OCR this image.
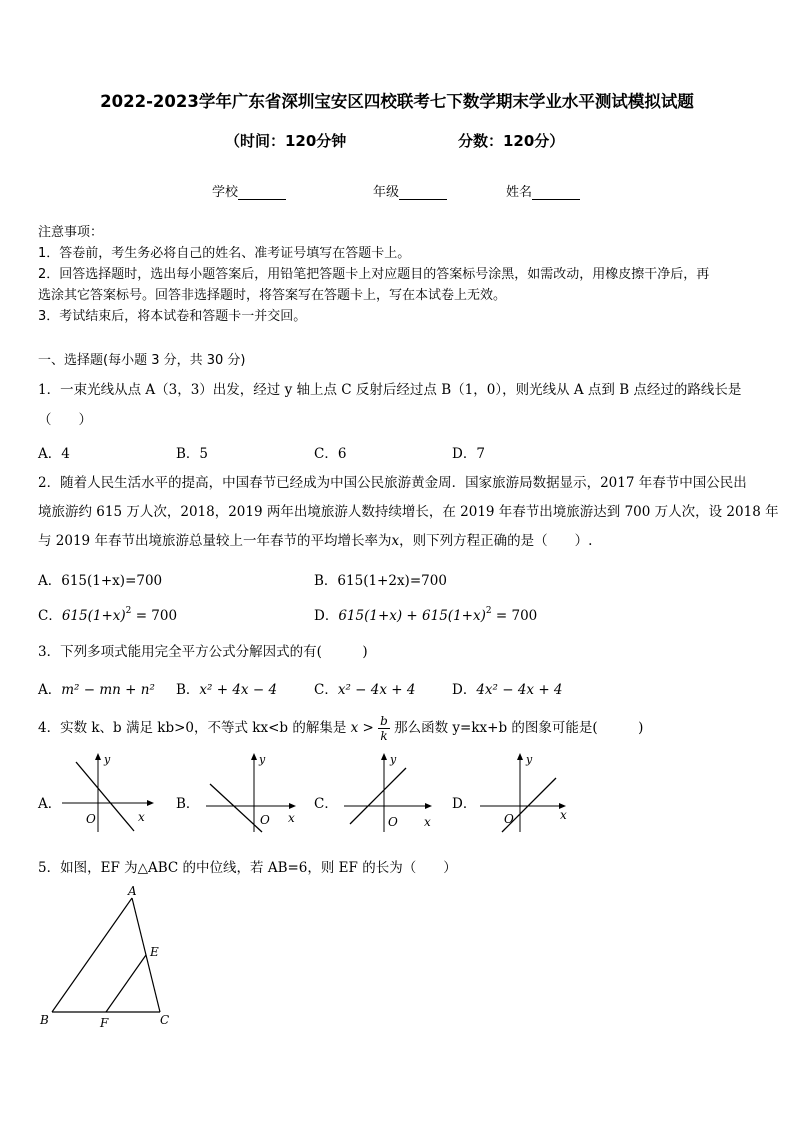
2022-2023学年广东省深圳宝安区四校联考七下数学期末学业水平测试模拟试题
（时间：120分钟	分数：120分）
学校	年级	姓名
注意事项：
1．答卷前，考生务必将自己的姓名、准考证号填写在答题卡上。
2．回答选择题时，选出每小题答案后，用铅笔把答题卡上对应题目的答案标号涂黑，如需改动，用橡皮擦干净后，再
选涂其它答案标号。回答非选择题时，将答案写在答题卡上，写在本试卷上无效。
3．考试结束后，将本试卷和答题卡一并交回。
一、选择题(每小题 3 分，共 30 分)
1．一束光线从点 A（3，3）出发，经过 y 轴上点 C 反射后经过点 B（1，0），则光线从 A 点到 B 点经过的路线长是
（　　）
A．4	B．5	C．6	D．7
2．随着人民生活水平的提高，中国春节已经成为中国公民旅游黄金周．国家旅游局数据显示，2017 年春节中国公民出
境旅游约 615 万人次，2018，2019 两年出境旅游人数持续增长，在 2019 年春节出境旅游达到 700 万人次，设 2018 年
与 2019 年春节出境旅游总量较上一年春节的平均增长率为x，则下列方程正确的是（　　）.
A．615(1+x)=700	B．615(1+2x)=700
C．$615(1+x)^2 = 700$	D．$615(1+x) + 615(1+x)^2 = 700$
3．下列多项式能用完全平方公式分解因式的有(　　　)
A．m² − mn + n² B．x² + 4x − 4	C．x² − 4x + 4	D．4x² − 4x + 4
4．实数 k、b 满足 kb>0，不等式 kx<b 的解集是 $x > \frac{b}{k}$ 那么函数 y=kx+b 的图象可能是(　　　)
A．
y
x
O
B．
y
x
O
C．
y
x
O
D．
y
x
O
5．如图，EF 为△ABC 的中位线，若 AB=6，则 EF 的长为（　　）
A
B	C
E
F
